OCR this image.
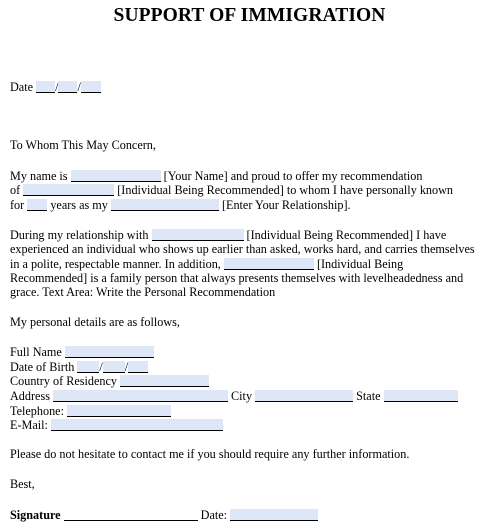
SUPPORT OF IMMIGRATION
Date / /
To Whom This May Concern,
My name is	[Your Name] and proud to offer my recommendation
of	[Individual Being Recommended] to whom I have personally known
for years as my	[Enter Your Relationship].
During my relationship with	[Individual Being Recommended] I have
experienced an individual who shows up earlier than asked, works hard, and carries themselves
in a polite, respectable manner. In addition,	[Individual Being
Recommended] is a family person that always presents themselves with levelheadedness and
grace. Text Area: Write the Personal Recommendation
My personal details are as follows,
Full Name
Date of Birth / /
Country of Residency
Address	City	State
Telephone:
E-Mail:
Please do not hesitate to contact me if you should require any further information.
Best,
Signature	Date:
